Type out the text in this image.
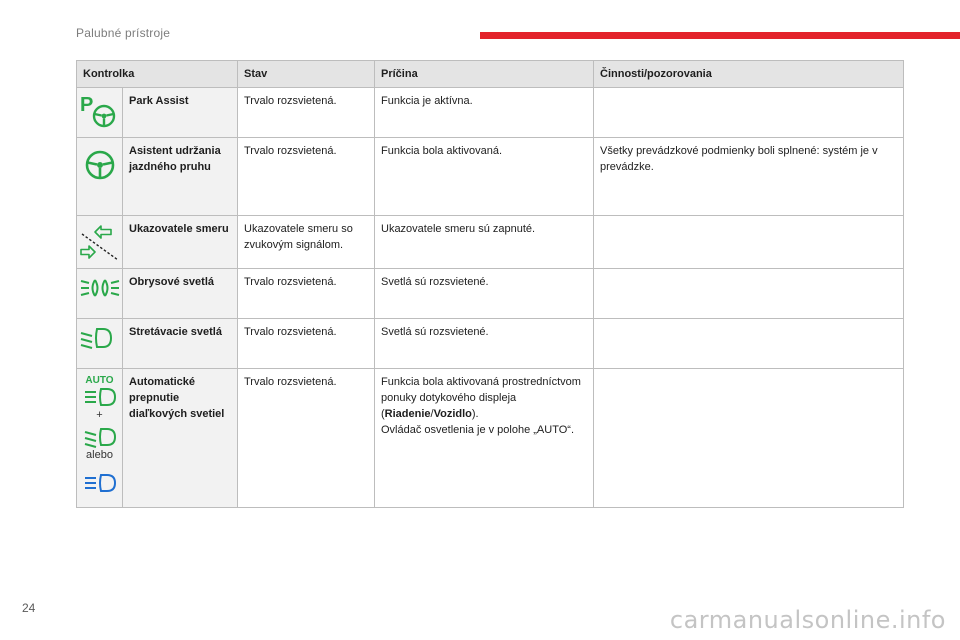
Palubné prístroje
Kontrolka		Stav	Príčina	Činnosti/pozorovania

P	Park Assist	Trvalo rozsvietená.	Funkcia je aktívna.	

	Asistent udržania jazdného pruhu	Trvalo rozsvietená.	Funkcia bola aktivovaná.	Všetky prevádzkové podmienky boli splnené: systém je v prevádzke.

	Ukazovatele smeru	Ukazovatele smeru so zvukovým signálom.	Ukazovatele smeru sú zapnuté.	

	Obrysové svetlá	Trvalo rozsvietená.	Svetlá sú rozsvietené.	

	Stretávacie svetlá	Trvalo rozsvietená.	Svetlá sú rozsvietené.	

AUTO
+
alebo	Automatické prepnutie diaľkových svetiel	Trvalo rozsvietená.	Funkcia bola aktivovaná prostredníctvom ponuky dotykového displeja (Riadenie/Vozidlo).
Ovládač osvetlenia je v polohe „AUTO“.	
24	carmanualsonline.info
